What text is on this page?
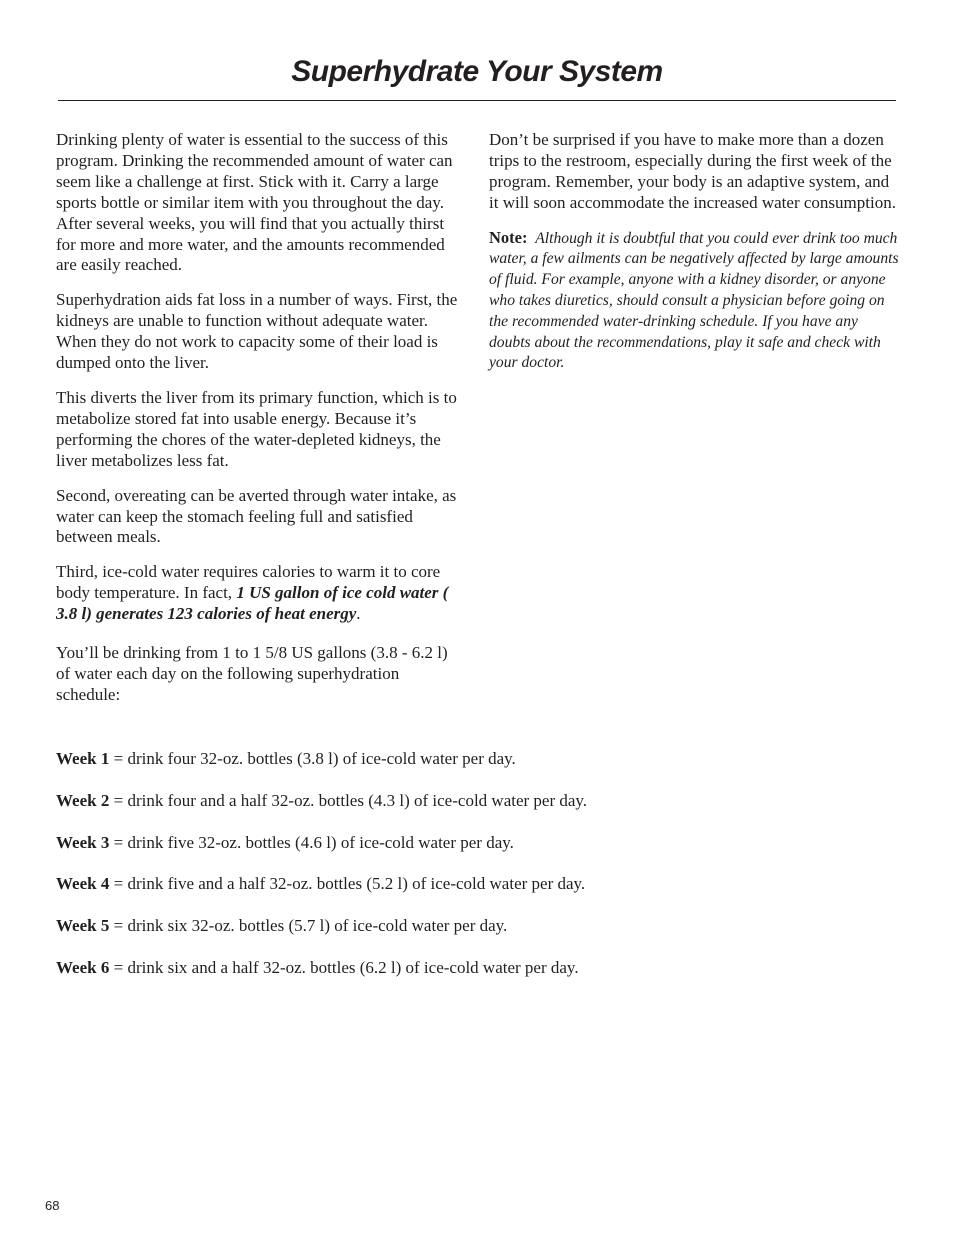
Superhydrate Your System

Drinking plenty of water is essential to the success of this program. Drinking the recommended amount of water can seem like a challenge at first. Stick with it. Carry a large sports bottle or similar item with you throughout the day. After several weeks, you will find that you actually thirst for more and more water, and the amounts recommended are easily reached.

Superhydration aids fat loss in a number of ways. First, the kidneys are unable to function without adequate water. When they do not work to capacity some of their load is dumped onto the liver.

This diverts the liver from its primary function, which is to metabolize stored fat into usable energy. Because it’s performing the chores of the water-depleted kidneys, the liver metabolizes less fat.

Second, overeating can be averted through water intake, as water can keep the stomach feeling full and satisfied between meals.

Third, ice-cold water requires calories to warm it to core body temperature. In fact, 1 US gallon of ice cold water ( 3.8 l) generates 123 calories of heat energy.

You’ll be drinking from 1 to 1 5/8 US gallons (3.8 - 6.2 l) of water each day on the following superhydration schedule:

Don’t be surprised if you have to make more than a dozen trips to the restroom, especially during the first week of the program. Remember, your body is an adaptive system, and it will soon accommodate the increased water consumption.

Note: Although it is doubtful that you could ever drink too much water, a few ailments can be negatively affected by large amounts of fluid. For example, anyone with a kidney disorder, or anyone who takes diuretics, should consult a physician before going on the recommended water-drinking schedule. If you have any doubts about the recommendations, play it safe and check with your doctor.

Week 1 = drink four 32-oz. bottles (3.8 l) of ice-cold water per day.
Week 2 = drink four and a half 32-oz. bottles (4.3 l) of ice-cold water per day.
Week 3 = drink five 32-oz. bottles (4.6 l) of ice-cold water per day.
Week 4 = drink five and a half 32-oz. bottles (5.2 l) of ice-cold water per day.
Week 5 = drink six 32-oz. bottles (5.7 l) of ice-cold water per day.
Week 6 = drink six and a half 32-oz. bottles (6.2 l) of ice-cold water per day.
68
